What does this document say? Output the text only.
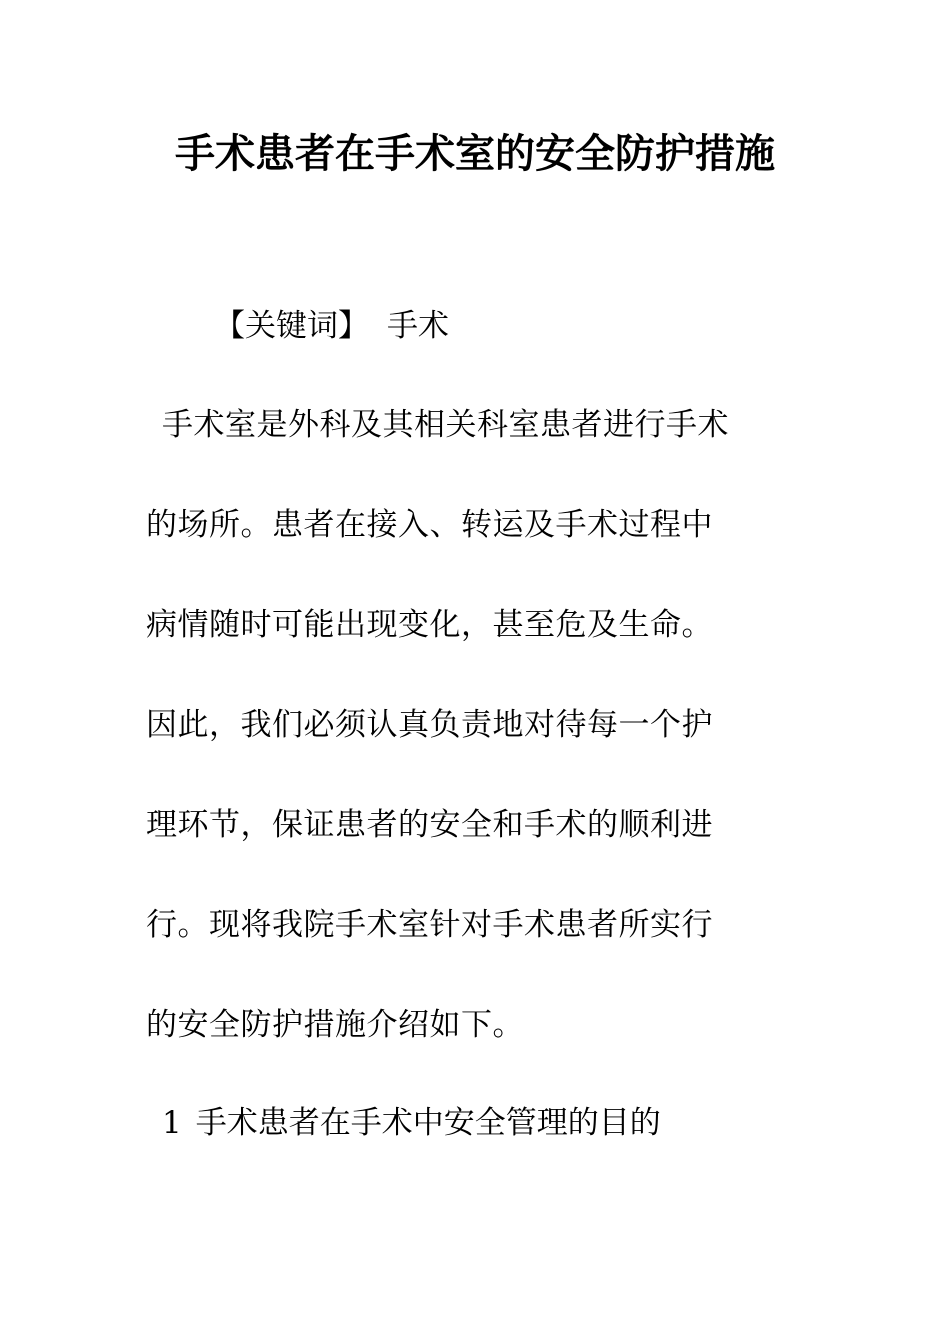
手术患者在手术室的安全防护措施
【关键词】 手术
手术室是外科及其相关科室患者进行手术
的场所。患者在接入、转运及手术过程中
病情随时可能出现变化，甚至危及生命。
因此，我们必须认真负责地对待每一个护
理环节，保证患者的安全和手术的顺利进
行。现将我院手术室针对手术患者所实行
的安全防护措施介绍如下。
1 手术患者在手术中安全管理的目的
